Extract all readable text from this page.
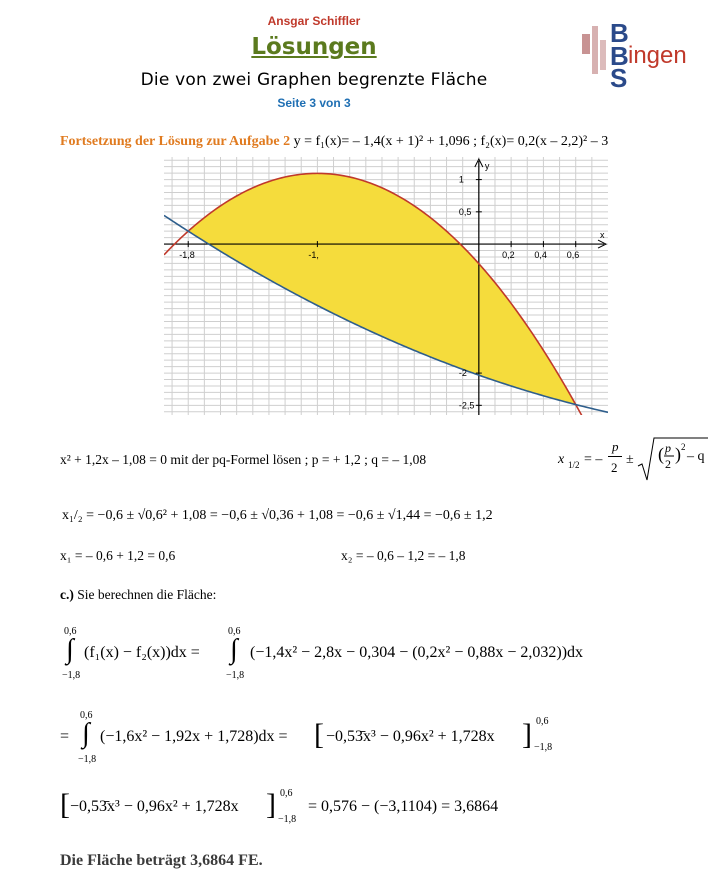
Ansgar Schiffler
Lösungen
Die von zwei Graphen begrenzte Fläche
Seite 3 von 3
B
B
S
ingen
Fortsetzung der Lösung zur Aufgabe 2 y = f₁(x)= – 1,4(x + 1)² + 1,096 ; f₂(x)= 0,2(x – 2,2)² – 3
-1,8	-1,	0,2 0,4 0,6
1
0,5
-2
-2,5
x
y
x² + 1,2x – 1,08 = 0 mit der pq-Formel lösen ; p = + 1,2 ; q = – 1,08	x 1/2 = –
p
2
± ( p
2 ) 2
– q
x₁/₂ = −0,6 ± √0,6² + 1,08 = −0,6 ± √0,36 + 1,08 = −0,6 ± √1,44 = −0,6 ± 1,2
x₁ = – 0,6 + 1,2 = 0,6	x₂ = – 0,6 – 1,2 = – 1,8
c.) Sie berechnen die Fläche:
0,6
∫
−1,8
(f₁(x) − f₂(x))dx =
0,6
∫
−1,8
(−1,4x² − 2,8x − 0,304 − (0,2x² − 0,88x − 2,032))dx
=
0,6
∫
−1,8
(−1,6x² − 1,92x + 1,728)dx = [ −0,53̄x³ − 0,96x² + 1,728x ] 0,6
−1,8
[ −0,53̄x³ − 0,96x² + 1,728x ] 0,6
−1,8
= 0,576 − (−3,1104) = 3,6864
Die Fläche beträgt 3,6864 FE.
